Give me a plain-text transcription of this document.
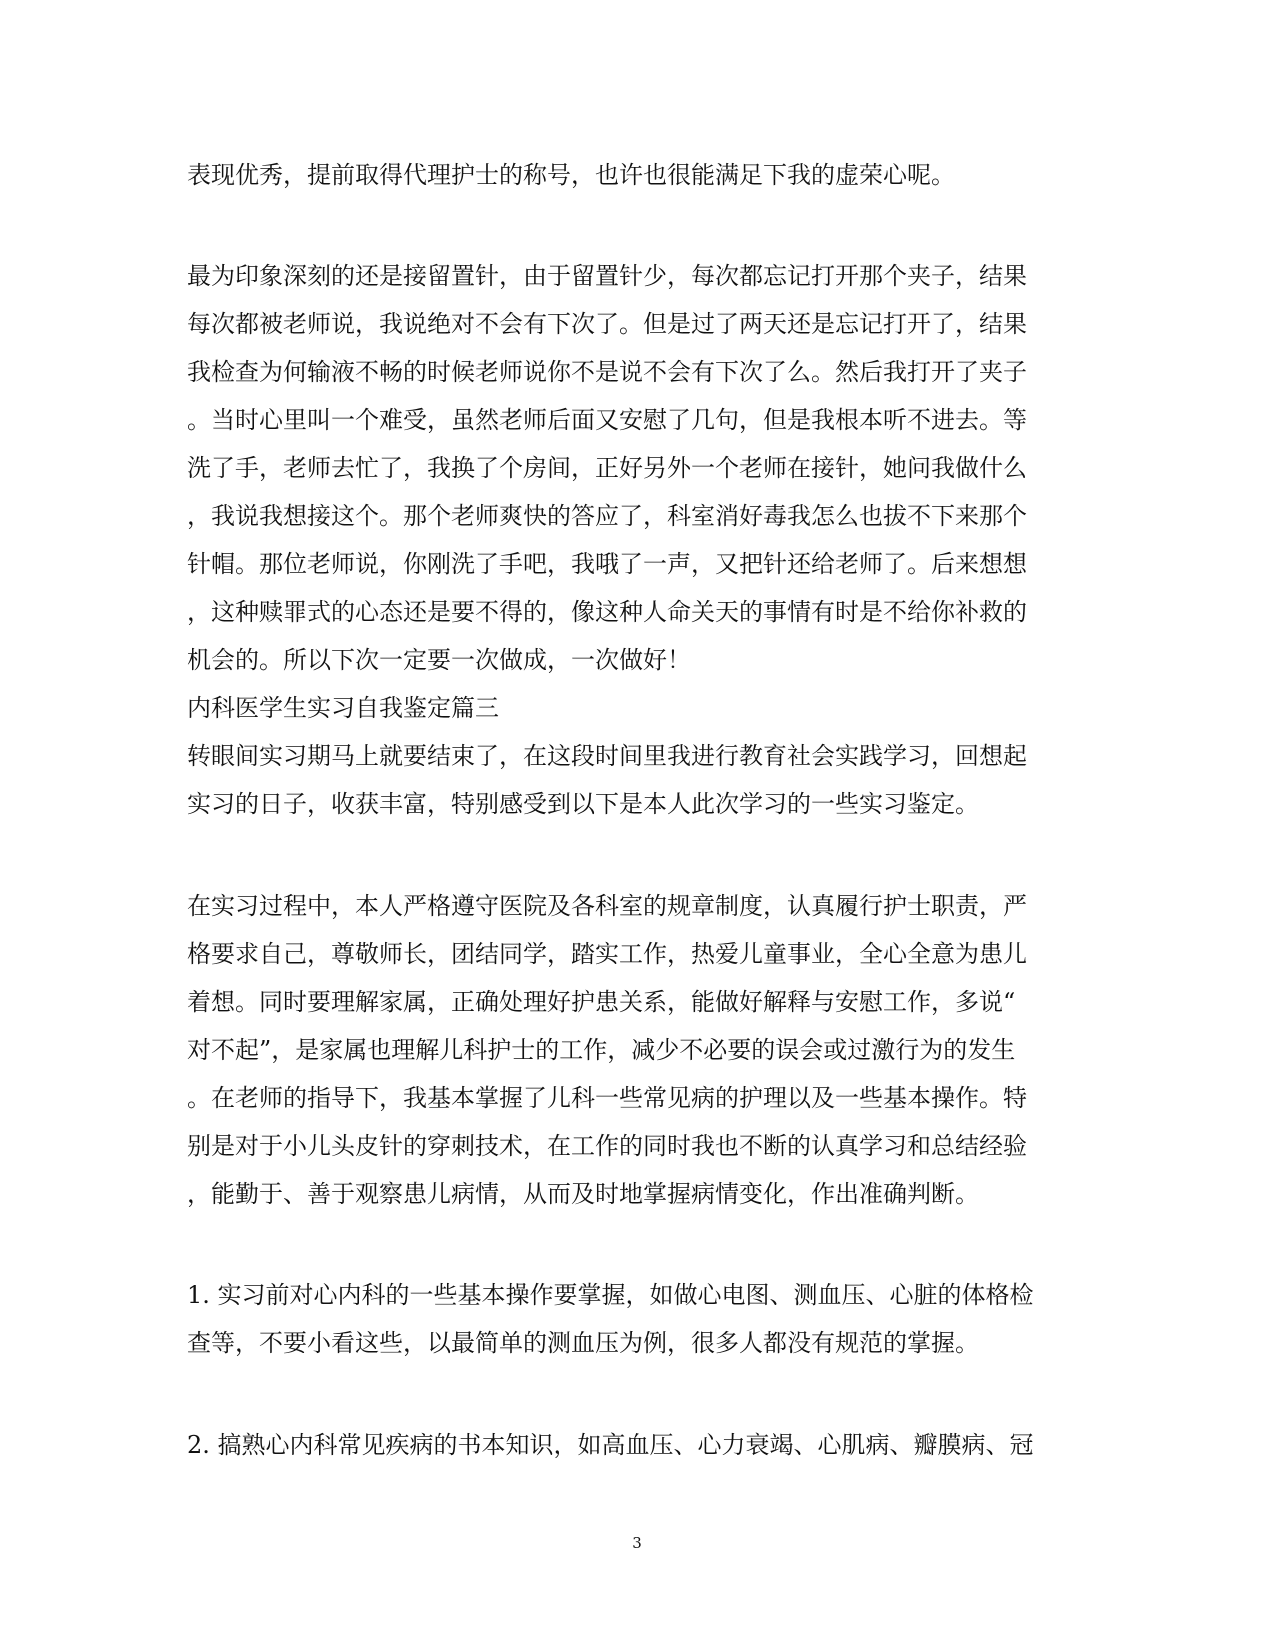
表现优秀，提前取得代理护士的称号，也许也很能满足下我的虚荣心呢。
最为印象深刻的还是接留置针，由于留置针少，每次都忘记打开那个夹子，结果
每次都被老师说，我说绝对不会有下次了。但是过了两天还是忘记打开了，结果
我检查为何输液不畅的时候老师说你不是说不会有下次了么。然后我打开了夹子
。当时心里叫一个难受，虽然老师后面又安慰了几句，但是我根本听不进去。等
洗了手，老师去忙了，我换了个房间，正好另外一个老师在接针，她问我做什么
，我说我想接这个。那个老师爽快的答应了，科室消好毒我怎么也拔不下来那个
针帽。那位老师说，你刚洗了手吧，我哦了一声，又把针还给老师了。后来想想
，这种赎罪式的心态还是要不得的，像这种人命关天的事情有时是不给你补救的
机会的。所以下次一定要一次做成，一次做好！
内科医学生实习自我鉴定篇三
转眼间实习期马上就要结束了，在这段时间里我进行教育社会实践学习，回想起
实习的日子，收获丰富，特别感受到以下是本人此次学习的一些实习鉴定。
在实习过程中，本人严格遵守医院及各科室的规章制度，认真履行护士职责，严
格要求自己，尊敬师长，团结同学，踏实工作，热爱儿童事业，全心全意为患儿
着想。同时要理解家属，正确处理好护患关系，能做好解释与安慰工作，多说“
对不起”，是家属也理解儿科护士的工作，减少不必要的误会或过激行为的发生
。在老师的指导下，我基本掌握了儿科一些常见病的护理以及一些基本操作。特
别是对于小儿头皮针的穿刺技术，在工作的同时我也不断的认真学习和总结经验
，能勤于、善于观察患儿病情，从而及时地掌握病情变化，作出准确判断。
1. 实习前对心内科的一些基本操作要掌握，如做心电图、测血压、心脏的体格检
查等，不要小看这些，以最简单的测血压为例，很多人都没有规范的掌握。
2. 搞熟心内科常见疾病的书本知识，如高血压、心力衰竭、心肌病、瓣膜病、冠
3
